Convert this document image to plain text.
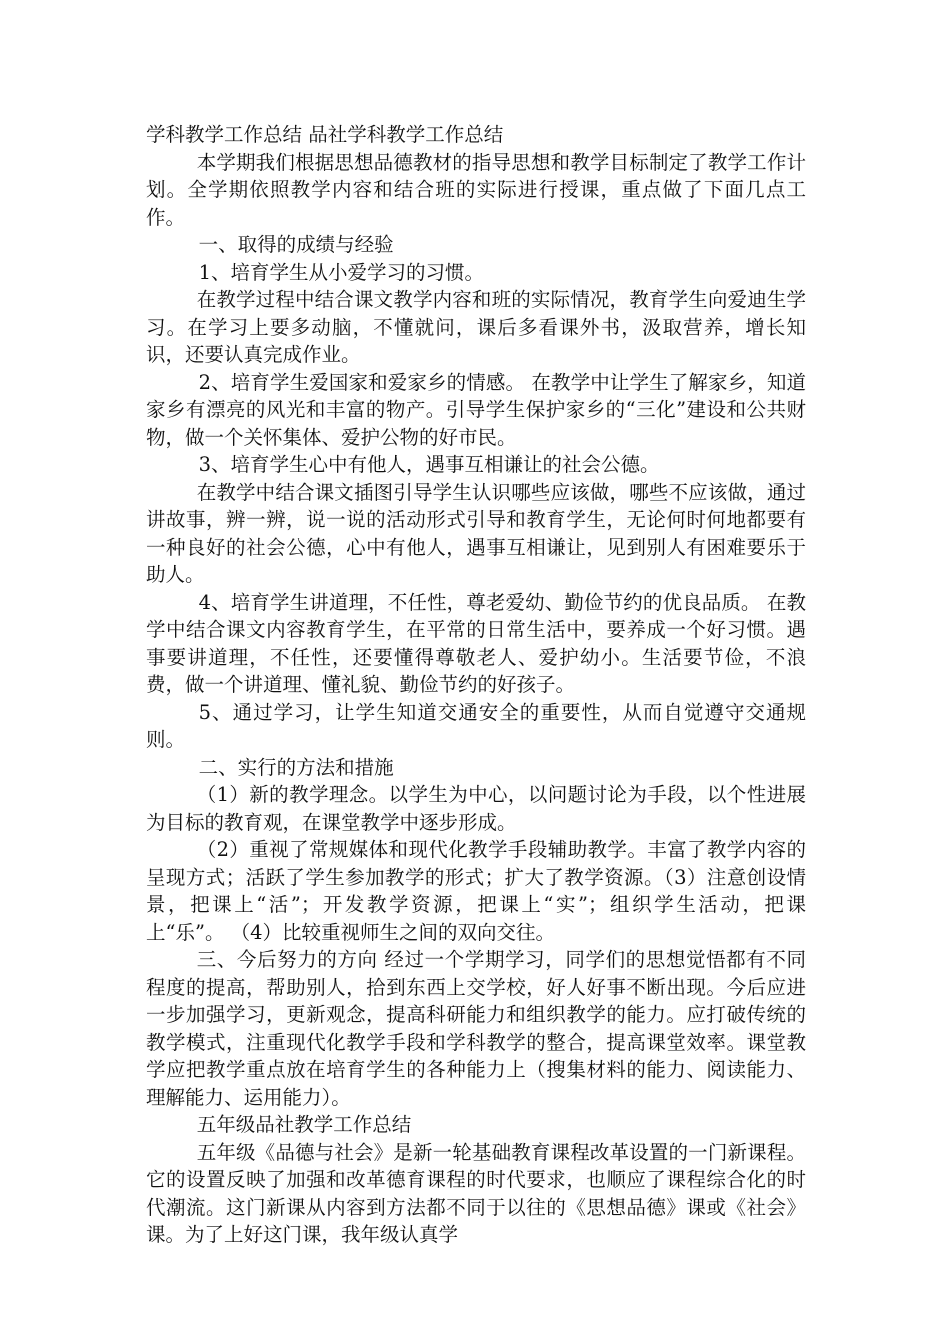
学科教学工作总结 品社学科教学工作总结

本学期我们根据思想品德教材的指导思想和教学目标制定了教学工作计划。全学期依照教学内容和结合班的实际进行授课，重点做了下面几点工作。

一、取得的成绩与经验

1、培育学生从小爱学习的习惯。

在教学过程中结合课文教学内容和班的实际情况，教育学生向爱迪生学习。在学习上要多动脑，不懂就问，课后多看课外书，汲取营养，增长知识，还要认真完成作业。

2、培育学生爱国家和爱家乡的情感。 在教学中让学生了解家乡，知道家乡有漂亮的风光和丰富的物产。引导学生保护家乡的“三化”建设和公共财物，做一个关怀集体、爱护公物的好市民。

3、培育学生心中有他人，遇事互相谦让的社会公德。

在教学中结合课文插图引导学生认识哪些应该做，哪些不应该做，通过讲故事，辨一辨，说一说的活动形式引导和教育学生，无论何时何地都要有一种良好的社会公德，心中有他人，遇事互相谦让，见到别人有困难要乐于助人。

4、培育学生讲道理，不任性，尊老爱幼、勤俭节约的优良品质。 在教学中结合课文内容教育学生，在平常的日常生活中，要养成一个好习惯。遇事要讲道理，不任性，还要懂得尊敬老人、爱护幼小。生活要节俭，不浪费，做一个讲道理、懂礼貌、勤俭节约的好孩子。

5、通过学习，让学生知道交通安全的重要性，从而自觉遵守交通规则。

二、实行的方法和措施

（1）新的教学理念。以学生为中心，以问题讨论为手段，以个性进展为目标的教育观，在课堂教学中逐步形成。

（2）重视了常规媒体和现代化教学手段辅助教学。丰富了教学内容的呈现方式；活跃了学生参加教学的形式；扩大了教学资源。（3）注意创设情景，把课上“活”；开发教学资源，把课上“实”；组织学生活动，把课上“乐”。 （4）比较重视师生之间的双向交往。

三、今后努力的方向 经过一个学期学习，同学们的思想觉悟都有不同程度的提高，帮助别人，拾到东西上交学校，好人好事不断出现。今后应进一步加强学习，更新观念，提高科研能力和组织教学的能力。应打破传统的教学模式，注重现代化教学手段和学科教学的整合，提高课堂效率。课堂教学应把教学重点放在培育学生的各种能力上（搜集材料的能力、阅读能力、理解能力、运用能力）。

五年级品社教学工作总结

五年级《品德与社会》是新一轮基础教育课程改革设置的一门新课程。它的设置反映了加强和改革德育课程的时代要求，也顺应了课程综合化的时代潮流。这门新课从内容到方法都不同于以往的《思想品德》课或《社会》课。为了上好这门课，我年级认真学
